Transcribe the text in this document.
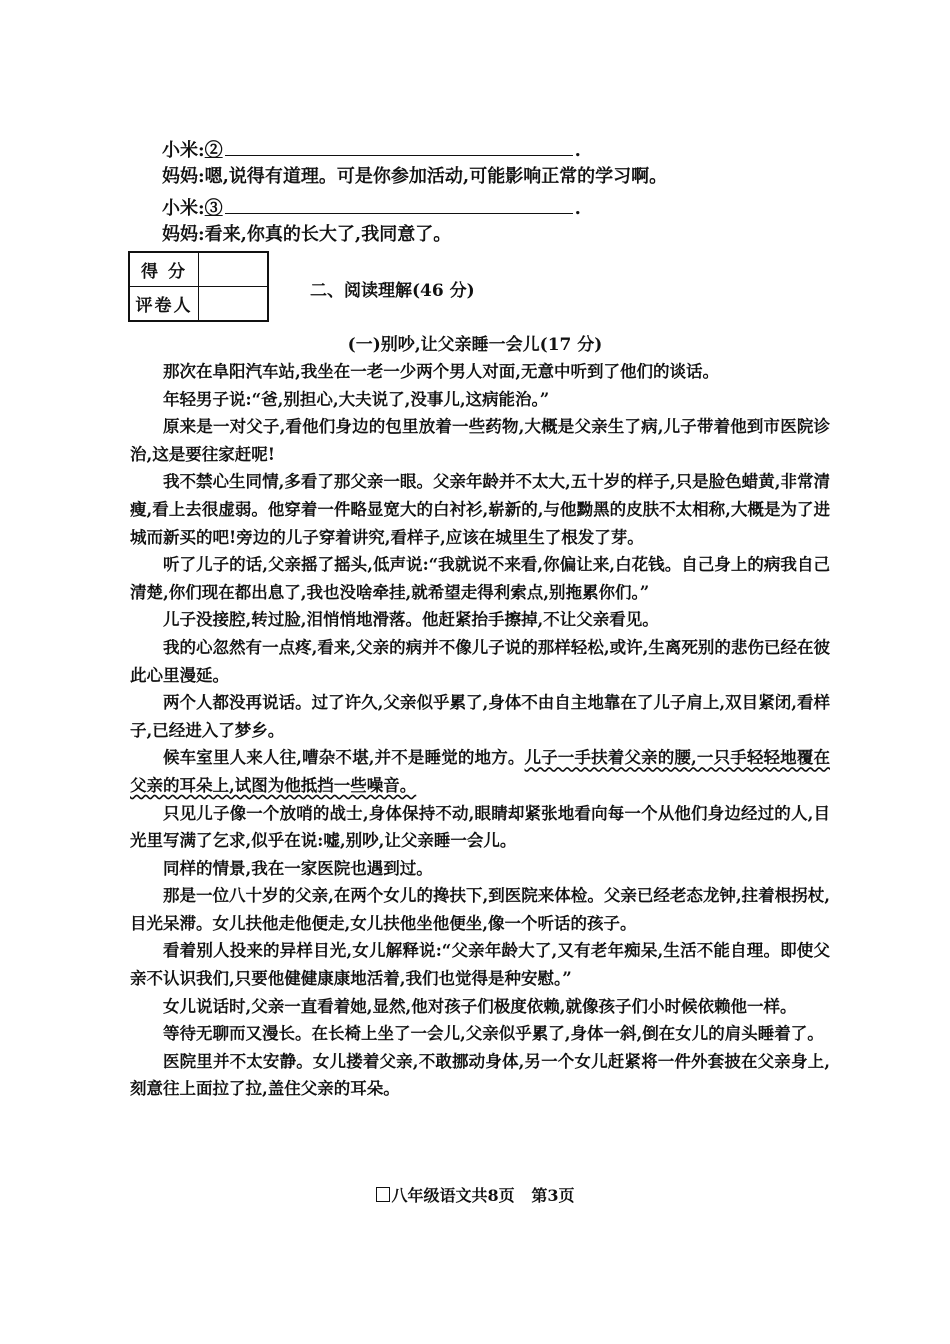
小米:②	.
妈妈:嗯,说得有道理。可是你参加活动,可能影响正常的学习啊。
小米:③	.
妈妈:看来,你真的长大了,我同意了。
得 分	
评卷人	
二、阅读理解(46 分)
(一)别吵,让父亲睡一会儿(17 分)

那次在阜阳汽车站,我坐在一老一少两个男人对面,无意中听到了他们的谈话。

年轻男子说:“爸,别担心,大夫说了,没事儿,这病能治。”

原来是一对父子,看他们身边的包里放着一些药物,大概是父亲生了病,儿子带着他到市医院诊治,这是要往家赶呢!

我不禁心生同情,多看了那父亲一眼。父亲年龄并不太大,五十岁的样子,只是脸色蜡黄,非常清瘦,看上去很虚弱。他穿着一件略显宽大的白衬衫,崭新的,与他黝黑的皮肤不太相称,大概是为了进城而新买的吧!旁边的儿子穿着讲究,看样子,应该在城里生了根发了芽。

听了儿子的话,父亲摇了摇头,低声说:“我就说不来看,你偏让来,白花钱。自己身上的病我自己清楚,你们现在都出息了,我也没啥牵挂,就希望走得利索点,别拖累你们。”

儿子没接腔,转过脸,泪悄悄地滑落。他赶紧抬手擦掉,不让父亲看见。

我的心忽然有一点疼,看来,父亲的病并不像儿子说的那样轻松,或许,生离死别的悲伤已经在彼此心里漫延。

两个人都没再说话。过了许久,父亲似乎累了,身体不由自主地靠在了儿子肩上,双目紧闭,看样子,已经进入了梦乡。

候车室里人来人往,嘈杂不堪,并不是睡觉的地方。儿子一手扶着父亲的腰,一只手轻轻地覆在父亲的耳朵上,试图为他抵挡一些噪音。

只见儿子像一个放哨的战士,身体保持不动,眼睛却紧张地看向每一个从他们身边经过的人,目光里写满了乞求,似乎在说:嘘,别吵,让父亲睡一会儿。

同样的情景,我在一家医院也遇到过。

那是一位八十岁的父亲,在两个女儿的搀扶下,到医院来体检。父亲已经老态龙钟,拄着根拐杖,目光呆滞。女儿扶他走他便走,女儿扶他坐他便坐,像一个听话的孩子。

看着别人投来的异样目光,女儿解释说:“父亲年龄大了,又有老年痴呆,生活不能自理。即使父亲不认识我们,只要他健健康康地活着,我们也觉得是种安慰。”

女儿说话时,父亲一直看着她,显然,他对孩子们极度依赖,就像孩子们小时候依赖他一样。

等待无聊而又漫长。在长椅上坐了一会儿,父亲似乎累了,身体一斜,倒在女儿的肩头睡着了。

医院里并不太安静。女儿搂着父亲,不敢挪动身体,另一个女儿赶紧将一件外套披在父亲身上,刻意往上面拉了拉,盖住父亲的耳朵。

八年级语文共8页 第3页
